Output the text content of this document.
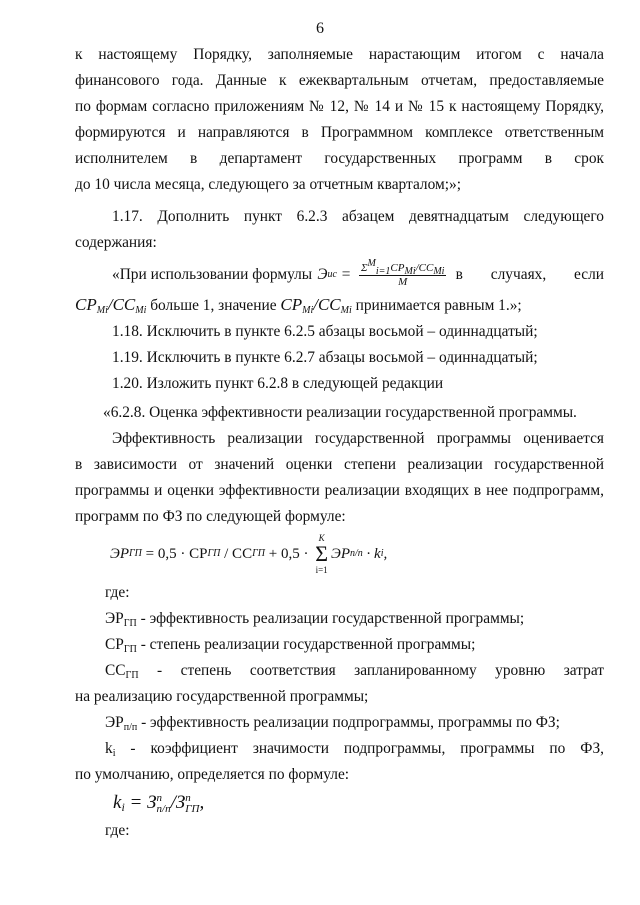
6
к настоящему Порядку, заполняемые нарастающим итогом с начала
финансового года. Данные к ежеквартальным отчетам, предоставляемые
по формам согласно приложениям № 12, № 14 и № 15 к настоящему Порядку,
формируются и направляются в Программном комплексе ответственным
исполнителем в департамент государственных программ в срок
до 10 числа месяца, следующего за отчетным кварталом;»;
1.17. Дополнить пункт 6.2.3 абзацем девятнадцатым следующего
содержания:
«При использовании формулы Э ис = $\frac{\Sigma^M_{i=1}СР_{Mi}/СС_{Mi}}{M}$ в случаях, если
$СР_{Mi}/СС_{Mi}$ больше 1, значение $СР_{Mi}/СС_{Mi}$ принимается равным 1.»;
1.18. Исключить в пункте 6.2.5 абзацы восьмой – одиннадцатый;
1.19. Исключить в пункте 6.2.7 абзацы восьмой – одиннадцатый;
1.20. Изложить пункт 6.2.8 в следующей редакции
«6.2.8. Оценка эффективности реализации государственной программы.
Эффективность реализации государственной программы оценивается
в зависимости от значений оценки степени реализации государственной
программы и оценки эффективности реализации входящих в нее подпрограмм,
программ по ФЗ по следующей формуле:
ЭР ГП = 0,5 · СР ГП / СС ГП + 0,5 ·
K
Σ
i=1
ЭР п/п · k i ,
где:
$ЭР_{ГП}$ - эффективность реализации государственной программы;
$СР_{ГП}$ - степень реализации государственной программы;
$СС_{ГП}$ - степень соответствия запланированному уровню затрат
на реализацию государственной программы;
$ЭР_{п/п}$ - эффективность реализации подпрограммы, программы по ФЗ;
$k_i$ - коэффициент значимости подпрограммы, программы по ФЗ,
по умолчанию, определяется по формуле:
$k_i = З$ п
п/п /З п
ГП ,
где:
